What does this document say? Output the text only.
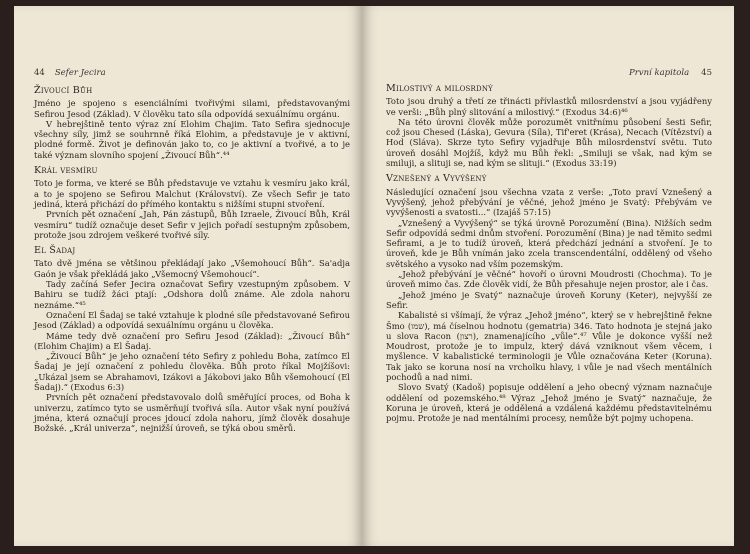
44 Sefer Jecira
Živoucí Bůh

Jméno je spojeno s esenciálními tvořivými silami, představovanými Sefirou Jesod (Základ). V člověku tato síla odpovídá sexuálnímu orgánu.

V hebrejštině tento výraz zní Elohim Chajim. Tato Sefira sjednocuje všechny síly, jimž se souhrnně říká Elohim, a představuje je v aktivní, plodné formě. Život je definován jako to, co je aktivní a tvořivé, a to je také význam slovního spojení „Živoucí Bůh“.⁴⁴

Král vesmíru

Toto je forma, ve které se Bůh představuje ve vztahu k vesmíru jako král, a to je spojeno se Sefirou Malchut (Království). Ze všech Sefir je tato jediná, která přichází do přímého kontaktu s nižšími stupni stvoření.

Prvních pět označení „Jah, Pán zástupů, Bůh Izraele, Živoucí Bůh, Král vesmíru“ tudíž označuje deset Sefir v jejich pořadí sestupným způsobem, protože jsou zdrojem veškeré tvořivé síly.

El Šadaj

Tato dvě jména se většinou překládají jako „Všemohoucí Bůh“. Sa'adja Gaón je však překládá jako „Všemocný Všemohoucí“.

Tady začíná Sefer Jecira označovat Sefiry vzestupným způsobem. V Bahiru se tudíž žáci ptají: „Odshora dolů známe. Ale zdola nahoru neznáme.“⁴⁵

Označení El Šadaj se také vztahuje k plodné síle představované Sefirou Jesod (Základ) a odpovídá sexuálnímu orgánu u člověka.

Máme tedy dvě označení pro Sefiru Jesod (Základ): „Živoucí Bůh“ (Elohim Chajim) a El Šadaj.

„Živoucí Bůh“ je jeho označení této Sefiry z pohledu Boha, zatímco El Šadaj je její označení z pohledu člověka. Bůh proto říkal Mojžíšovi: „Ukázal jsem se Abrahamovi, Izákovi a Jákobovi jako Bůh všemohoucí (El Šadaj).“ (Exodus 6:3)

Prvních pět označení představovalo dolů směřující proces, od Boha k univerzu, zatímco tyto se usměrňují tvořivá síla. Autor však nyní používá jména, která označují proces jdoucí zdola nahoru, jímž člověk dosahuje Božské. „Král univerza“, nejnižší úroveň, se týká obou směrů.

První kapitola 45
Milostivý a milosrdný

Toto jsou druhý a třetí ze třinácti přívlastků milosrdenství a jsou vyjádřeny ve verši: „Bůh plný slitování a milostivý.“ (Exodus 34:6)⁴⁶

Na této úrovni člověk může porozumět vnitřnímu působení šesti Sefir, což jsou Chesed (Láska), Gevura (Síla), Tif'eret (Krása), Necach (Vítězství) a Hod (Sláva). Skrze tyto Sefiry vyjadřuje Bůh milosrdenství světu. Tuto úroveň dosáhl Mojžíš, když mu Bůh řekl: „Smiluji se však, nad kým se smiluji, a slituji se, nad kým se slituji.“ (Exodus 33:19)

Vznešený a Vyvýšený

Následující označení jsou všechna vzata z verše: „Toto praví Vznešený a Vyvýšený, jehož přebývání je věčné, jehož jméno je Svatý: Přebývám ve vyvýšenosti a svatosti...“ (Izajáš 57:15)

„Vznešený a Vyvýšený“ se týká úrovně Porozumění (Bina). Nižších sedm Sefir odpovídá sedmi dnům stvoření. Porozumění (Bina) je nad těmito sedmi Sefirami, a je to tudíž úroveň, která předchází jednání a stvoření. Je to úroveň, kde je Bůh vnímán jako zcela transcendentální, oddělený od všeho světského a vysoko nad vším pozemským.

„Jehož přebývání je věčné“ hovoří o úrovni Moudrosti (Chochma). To je úroveň mimo čas. Zde člověk vidí, že Bůh přesahuje nejen prostor, ale i čas.

„Jehož jméno je Svatý“ naznačuje úroveň Koruny (Keter), nejvyšší ze Sefir.

Kabalisté si všímají, že výraz „Jehož jméno“, který se v hebrejštině řekne Šmo (שמו), má číselnou hodnotu (gematria) 346. Tato hodnota je stejná jako u slova Racon (רצון), znamenajícího „vůle“.⁴⁷ Vůle je dokonce vyšší než Moudrost, protože je to impulz, který dává vzniknout všem věcem, i myšlence. V kabalistické terminologii je Vůle označována Keter (Koruna). Tak jako se koruna nosí na vrcholku hlavy, i vůle je nad všech mentálních pochodů a nad nimi.

Slovo Svatý (Kadoš) popisuje oddělení a jeho obecný význam naznačuje oddělení od pozemského.⁴⁸ Výraz „Jehož jméno je Svatý“ naznačuje, že Koruna je úroveň, která je oddělená a vzdálená každému představitelnému pojmu. Protože je nad mentálními procesy, nemůže být pojmy uchopena.
